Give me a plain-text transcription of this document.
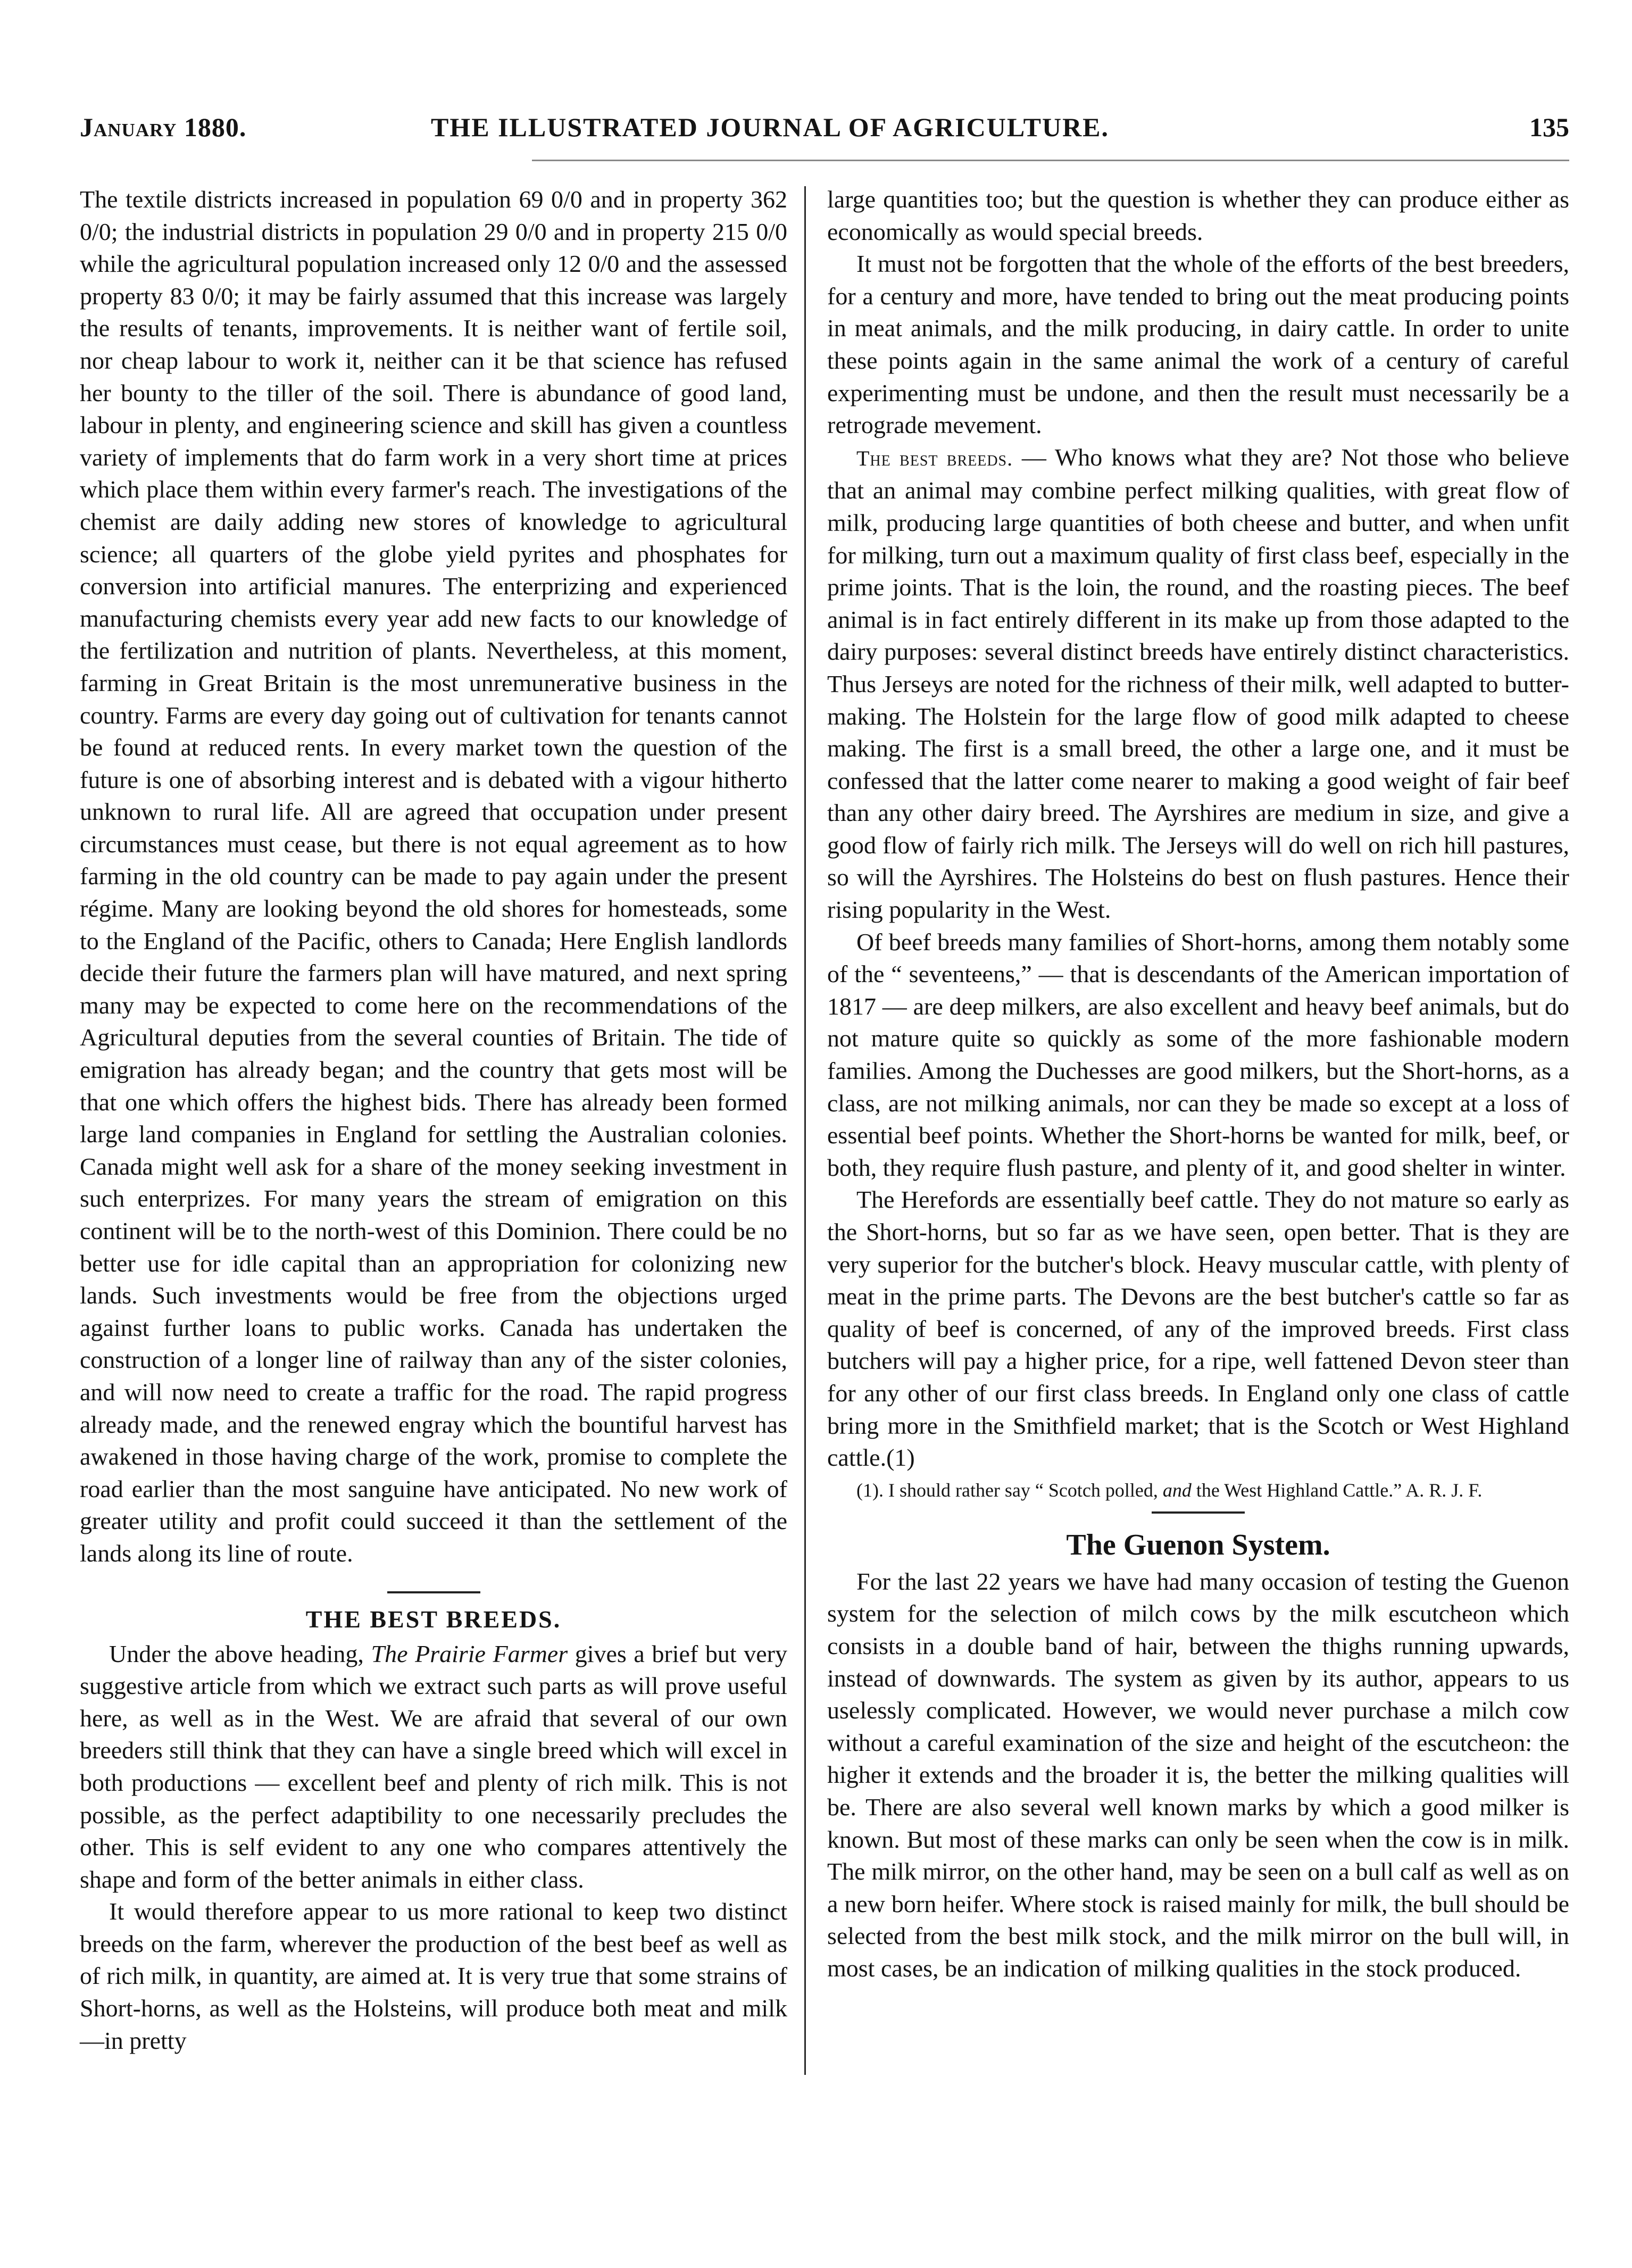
January 1880.	THE ILLUSTRATED JOURNAL OF AGRICULTURE.	135

The textile districts increased in population 69 0/0 and in property 362 0/0; the industrial districts in population 29 0/0 and in property 215 0/0 while the agricultural population increased only 12 0/0 and the assessed property 83 0/0; it may be fairly assumed that this increase was largely the results of tenants, improvements. It is neither want of fertile soil, nor cheap labour to work it, neither can it be that science has refused her bounty to the tiller of the soil. There is abundance of good land, labour in plenty, and engineering science and skill has given a countless variety of implements that do farm work in a very short time at prices which place them within every farmer's reach. The investigations of the chemist are daily adding new stores of knowledge to agricultural science; all quarters of the globe yield pyrites and phosphates for conversion into artificial manures. The enterprizing and experienced manufacturing chemists every year add new facts to our knowledge of the fertilization and nutrition of plants. Nevertheless, at this moment, farming in Great Britain is the most unremunerative business in the country. Farms are every day going out of cultivation for tenants cannot be found at reduced rents. In every market town the question of the future is one of absorbing interest and is debated with a vigour hitherto unknown to rural life. All are agreed that occupation under present circumstances must cease, but there is not equal agreement as to how farming in the old country can be made to pay again under the present régime. Many are looking beyond the old shores for homesteads, some to the England of the Pacific, others to Canada; Here English landlords decide their future the farmers plan will have matured, and next spring many may be expected to come here on the recommendations of the Agricultural deputies from the several counties of Britain. The tide of emigration has already began; and the country that gets most will be that one which offers the highest bids. There has already been formed large land companies in England for settling the Australian colonies. Canada might well ask for a share of the money seeking investment in such enterprizes. For many years the stream of emigration on this continent will be to the north-west of this Dominion. There could be no better use for idle capital than an appropriation for colonizing new lands. Such investments would be free from the objections urged against further loans to public works. Canada has undertaken the construction of a longer line of railway than any of the sister colonies, and will now need to create a traffic for the road. The rapid progress already made, and the renewed engray which the bountiful harvest has awakened in those having charge of the work, promise to complete the road earlier than the most sanguine have anticipated. No new work of greater utility and profit could succeed it than the settlement of the lands along its line of route.

THE BEST BREEDS.

Under the above heading, The Prairie Farmer gives a brief but very suggestive article from which we extract such parts as will prove useful here, as well as in the West. We are afraid that several of our own breeders still think that they can have a single breed which will excel in both productions — excellent beef and plenty of rich milk. This is not possible, as the perfect adaptibility to one necessarily precludes the other. This is self evident to any one who compares attentively the shape and form of the better animals in either class.

It would therefore appear to us more rational to keep two distinct breeds on the farm, wherever the production of the best beef as well as of rich milk, in quantity, are aimed at. It is very true that some strains of Short-horns, as well as the Holsteins, will produce both meat and milk—in pretty

large quantities too; but the question is whether they can produce either as economically as would special breeds.

It must not be forgotten that the whole of the efforts of the best breeders, for a century and more, have tended to bring out the meat producing points in meat animals, and the milk producing, in dairy cattle. In order to unite these points again in the same animal the work of a century of careful experimenting must be undone, and then the result must necessarily be a retrograde mevement.

The best breeds. — Who knows what they are? Not those who believe that an animal may combine perfect milking qualities, with great flow of milk, producing large quantities of both cheese and butter, and when unfit for milking, turn out a maximum quality of first class beef, especially in the prime joints. That is the loin, the round, and the roasting pieces. The beef animal is in fact entirely different in its make up from those adapted to the dairy purposes: several distinct breeds have entirely distinct characteristics. Thus Jerseys are noted for the richness of their milk, well adapted to butter-making. The Holstein for the large flow of good milk adapted to cheese making. The first is a small breed, the other a large one, and it must be confessed that the latter come nearer to making a good weight of fair beef than any other dairy breed. The Ayrshires are medium in size, and give a good flow of fairly rich milk. The Jerseys will do well on rich hill pastures, so will the Ayrshires. The Holsteins do best on flush pastures. Hence their rising popularity in the West.

Of beef breeds many families of Short-horns, among them notably some of the “ seventeens,” — that is descendants of the American importation of 1817 — are deep milkers, are also excellent and heavy beef animals, but do not mature quite so quickly as some of the more fashionable modern families. Among the Duchesses are good milkers, but the Short-horns, as a class, are not milking animals, nor can they be made so except at a loss of essential beef points. Whether the Short-horns be wanted for milk, beef, or both, they require flush pasture, and plenty of it, and good shelter in winter.

The Herefords are essentially beef cattle. They do not mature so early as the Short-horns, but so far as we have seen, open better. That is they are very superior for the butcher's block. Heavy muscular cattle, with plenty of meat in the prime parts. The Devons are the best butcher's cattle so far as quality of beef is concerned, of any of the improved breeds. First class butchers will pay a higher price, for a ripe, well fattened Devon steer than for any other of our first class breeds. In England only one class of cattle bring more in the Smithfield market; that is the Scotch or West Highland cattle.(1)

(1). I should rather say “ Scotch polled, and the West Highland Cattle.” A. R. J. F.

The Guenon System.

For the last 22 years we have had many occasion of testing the Guenon system for the selection of milch cows by the milk escutcheon which consists in a double band of hair, between the thighs running upwards, instead of downwards. The system as given by its author, appears to us uselessly complicated. However, we would never purchase a milch cow without a careful examination of the size and height of the escutcheon: the higher it extends and the broader it is, the better the milking qualities will be. There are also several well known marks by which a good milker is known. But most of these marks can only be seen when the cow is in milk. The milk mirror, on the other hand, may be seen on a bull calf as well as on a new born heifer. Where stock is raised mainly for milk, the bull should be selected from the best milk stock, and the milk mirror on the bull will, in most cases, be an indication of milking qualities in the stock produced.
